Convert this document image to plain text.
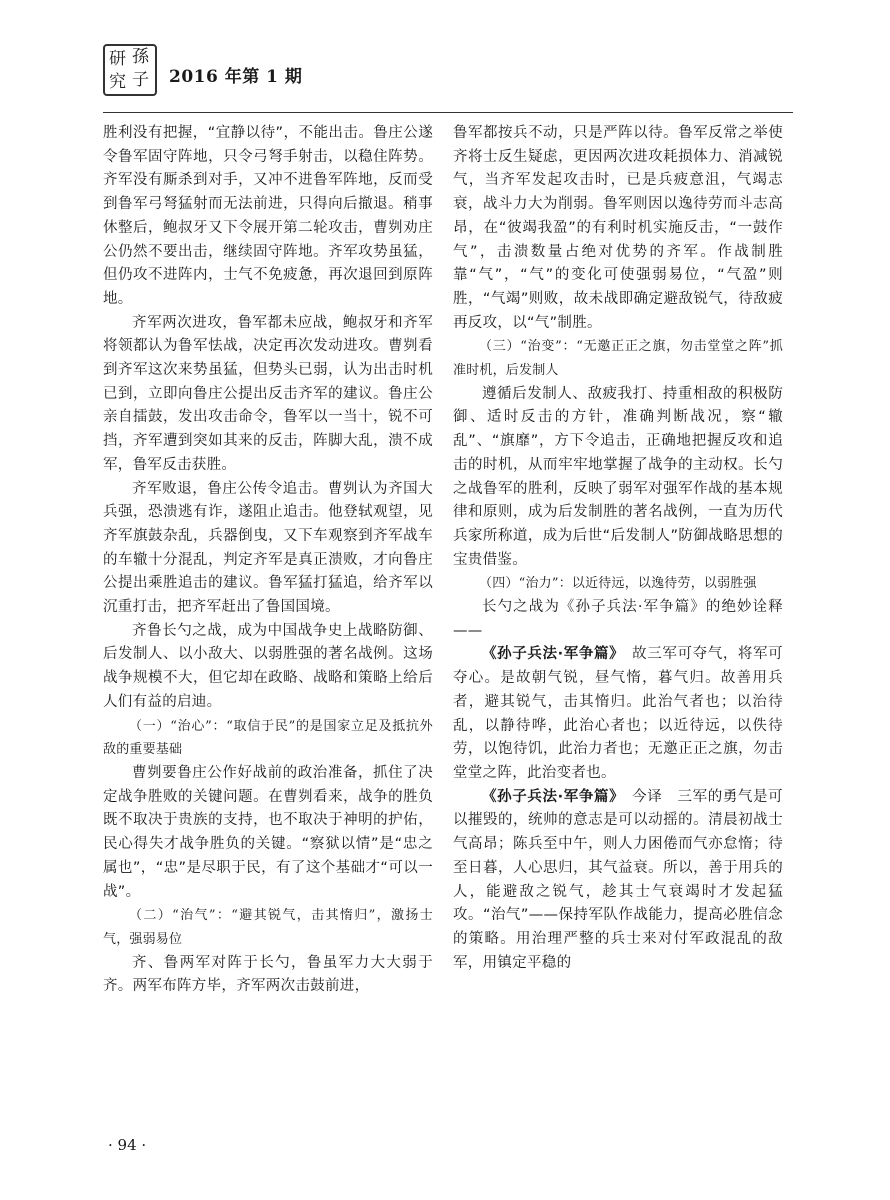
研 孫
究 子 2016 年第 1 期

胜利没有把握，“宜静以待”，不能出击。鲁庄公遂令鲁军固守阵地，只令弓弩手射击，以稳住阵势。齐军没有厮杀到对手，又冲不进鲁军阵地，反而受到鲁军弓弩猛射而无法前进，只得向后撤退。稍事休整后，鲍叔牙又下令展开第二轮攻击，曹刿劝庄公仍然不要出击，继续固守阵地。齐军攻势虽猛，但仍攻不进阵内，士气不免疲惫，再次退回到原阵地。

齐军两次进攻，鲁军都未应战，鲍叔牙和齐军将领都认为鲁军怯战，决定再次发动进攻。曹刿看到齐军这次来势虽猛，但势头已弱，认为出击时机已到，立即向鲁庄公提出反击齐军的建议。鲁庄公亲自擂鼓，发出攻击命令，鲁军以一当十，锐不可挡，齐军遭到突如其来的反击，阵脚大乱，溃不成军，鲁军反击获胜。

齐军败退，鲁庄公传令追击。曹刿认为齐国大兵强，恐溃逃有诈，遂阻止追击。他登轼观望，见齐军旗鼓杂乱，兵器倒曳，又下车观察到齐军战车的车辙十分混乱，判定齐军是真正溃败，才向鲁庄公提出乘胜追击的建议。鲁军猛打猛追，给齐军以沉重打击，把齐军赶出了鲁国国境。

齐鲁长勺之战，成为中国战争史上战略防御、后发制人、以小敌大、以弱胜强的著名战例。这场战争规模不大，但它却在政略、战略和策略上给后人们有益的启迪。

（一）“治心”：“取信于民”的是国家立足及抵抗外敌的重要基础

曹刿要鲁庄公作好战前的政治准备，抓住了决定战争胜败的关键问题。在曹刿看来，战争的胜负既不取决于贵族的支持，也不取决于神明的护佑，民心得失才战争胜负的关键。“察狱以情”是“忠之属也”，“忠”是尽职于民，有了这个基础才“可以一战”。

（二）“治气”：“避其锐气，击其惰归”，激扬士气，强弱易位

齐、鲁两军对阵于长勺，鲁虽军力大大弱于齐。两军布阵方毕，齐军两次击鼓前进，

鲁军都按兵不动，只是严阵以待。鲁军反常之举使齐将士反生疑虑，更因两次进攻耗损体力、消减锐气，当齐军发起攻击时，已是兵疲意沮，气竭志衰，战斗力大为削弱。鲁军则因以逸待劳而斗志高昂，在“彼竭我盈”的有利时机实施反击，“一鼓作气”，击溃数量占绝对优势的齐军。作战制胜靠“气”，“气”的变化可使强弱易位，“气盈”则胜，“气竭”则败，故未战即确定避敌锐气，待敌疲再反攻，以“气”制胜。

（三）“治变”：“无邀正正之旗，勿击堂堂之阵”抓准时机，后发制人

遵循后发制人、敌疲我打、持重相敌的积极防御、适时反击的方针，准确判断战况，察“辙乱”、“旗靡”，方下令追击，正确地把握反攻和追击的时机，从而牢牢地掌握了战争的主动权。长勺之战鲁军的胜利，反映了弱军对强军作战的基本规律和原则，成为后发制胜的著名战例，一直为历代兵家所称道，成为后世“后发制人”防御战略思想的宝贵借鉴。

（四）“治力”：以近待远，以逸待劳，以弱胜强

长勺之战为《孙子兵法·军争篇》的绝妙诠释——

《孙子兵法·军争篇》　故三军可夺气，将军可夺心。是故朝气锐，昼气惰，暮气归。故善用兵者，避其锐气，击其惰归。此治气者也；以治待乱，以静待哗，此治心者也；以近待远，以佚待劳，以饱待饥，此治力者也；无邀正正之旗，勿击堂堂之阵，此治变者也。

《孙子兵法·军争篇》　今译　三军的勇气是可以摧毁的，统帅的意志是可以动摇的。清晨初战士气高昂；陈兵至中午，则人力困倦而气亦怠惰；待至日暮，人心思归，其气益衰。所以，善于用兵的人，能避敌之锐气，趁其士气衰竭时才发起猛攻。“治气”——保持军队作战能力，提高必胜信念的策略。用治理严整的兵士来对付军政混乱的敌军，用镇定平稳的

· 94 ·
